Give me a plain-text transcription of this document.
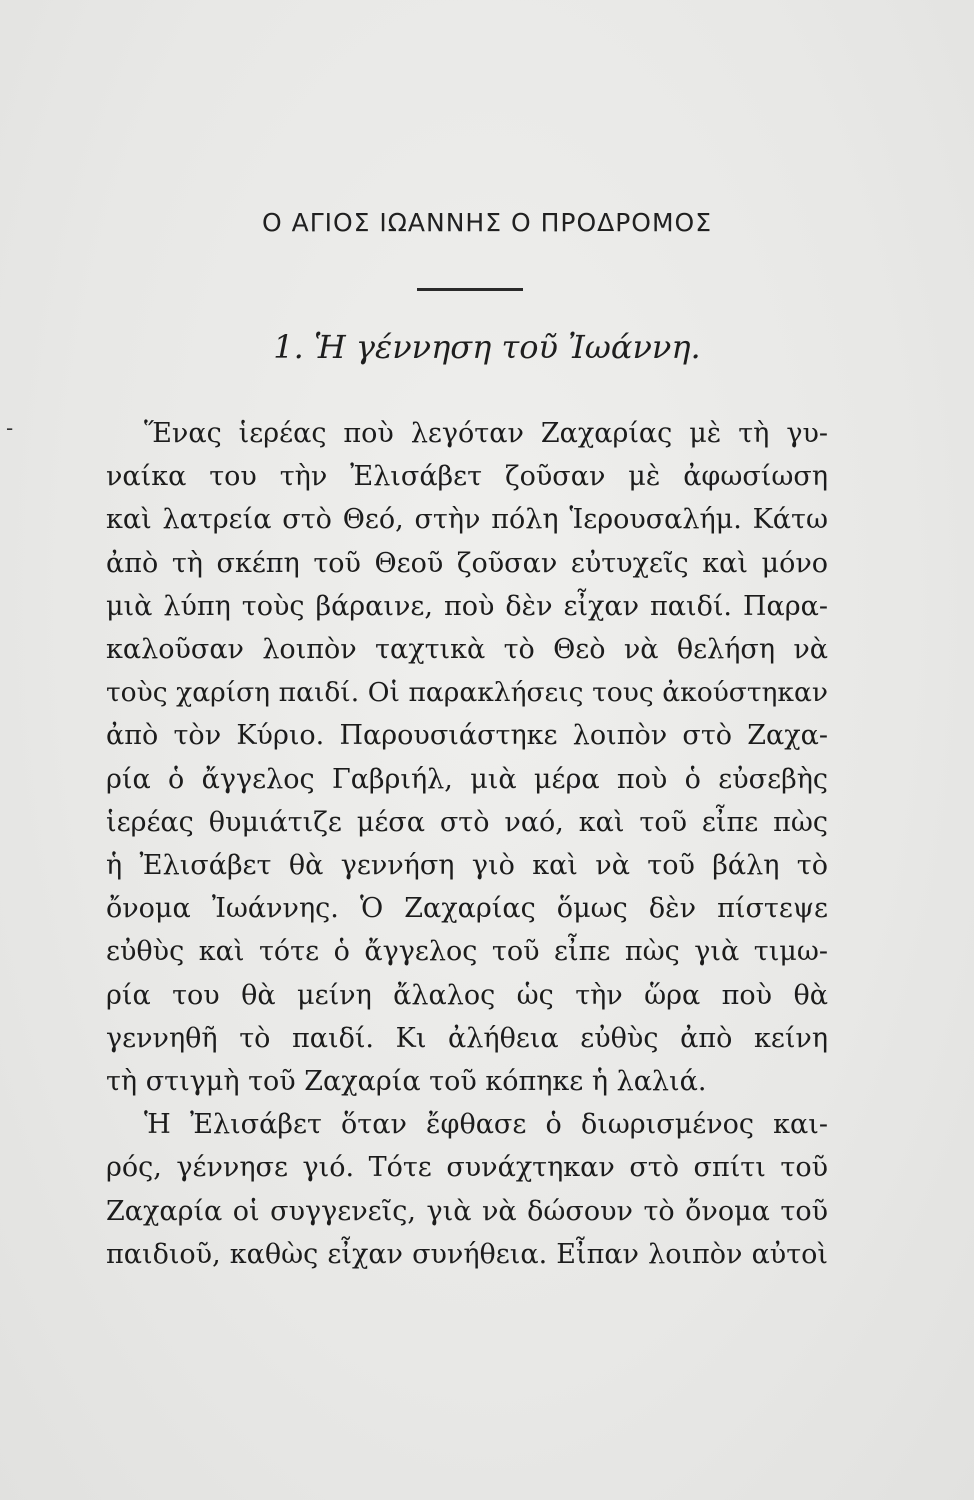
-
Ο ΑΓΙΟΣ ΙΩΑΝΝΗΣ Ο ΠΡΟΔΡΟΜΟΣ
1. Ἡ γέννηση τοῦ Ἰωάννη.
Ἕνας ἱερέας ποὺ λεγόταν Ζαχαρίας μὲ τὴ γυ-
ναίκα του τὴν Ἐλισάβετ ζοῦσαν μὲ ἀφωσίωση
καὶ λατρεία στὸ Θεό, στὴν πόλη Ἱερουσαλήμ. Κάτω
ἀπὸ τὴ σκέπη τοῦ Θεοῦ ζοῦσαν εὐτυχεῖς καὶ μόνο
μιὰ λύπη τοὺς βάραινε, ποὺ δὲν εἶχαν παιδί. Παρα-
καλοῦσαν λοιπὸν ταχτικὰ τὸ Θεὸ νὰ θελήση νὰ
τοὺς χαρίση παιδί. Οἱ παρακλήσεις τους ἀκούστηκαν
ἀπὸ τὸν Κύριο. Παρουσιάστηκε λοιπὸν στὸ Ζαχα-
ρία ὁ ἄγγελος Γαβριήλ, μιὰ μέρα ποὺ ὁ εὐσεβὴς
ἱερέας θυμιάτιζε μέσα στὸ ναό, καὶ τοῦ εἶπε πὼς
ἡ Ἐλισάβετ θὰ γεννήση γιὸ καὶ νὰ τοῦ βάλη τὸ
ὄνομα Ἰωάννης. Ὁ Ζαχαρίας ὅμως δὲν πίστεψε
εὐθὺς καὶ τότε ὁ ἄγγελος τοῦ εἶπε πὼς γιὰ τιμω-
ρία του θὰ μείνη ἄλαλος ὡς τὴν ὥρα ποὺ θὰ
γεννηθῆ τὸ παιδί. Κι ἀλήθεια εὐθὺς ἀπὸ κείνη
τὴ στιγμὴ τοῦ Ζαχαρία τοῦ κόπηκε ἡ λαλιά.
Ἡ Ἐλισάβετ ὅταν ἔφθασε ὁ διωρισμένος και-
ρός, γέννησε γιό. Τότε συνάχτηκαν στὸ σπίτι τοῦ
Ζαχαρία οἱ συγγενεῖς, γιὰ νὰ δώσουν τὸ ὄνομα τοῦ
παιδιοῦ, καθὼς εἶχαν συνήθεια. Εἶπαν λοιπὸν αὐτοὶ
